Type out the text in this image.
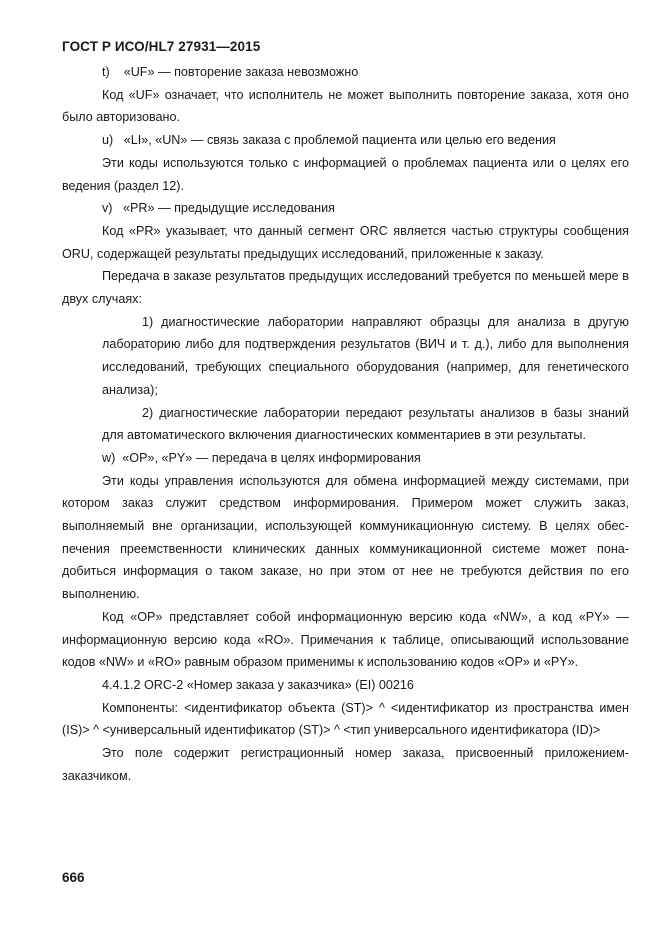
ГОСТ Р ИСО/HL7 27931—2015

t)    «UF» — повторение заказа невозможно

Код «UF» означает, что исполнитель не может выполнить повторение заказа, хотя оно было авторизовано.

u)   «LI», «UN» — связь заказа с проблемой пациента или целью его ведения

Эти коды используются только с информацией о проблемах пациента или о целях его ведения (раздел 12).

v)   «PR» — предыдущие исследования

Код «PR» указывает, что данный сегмент ORC является частью структуры сообщения ORU, содержащей результаты предыдущих исследований, приложенные к заказу.

Передача в заказе результатов предыдущих исследований требуется по меньшей мере в двух случаях:

1) диагностические лаборатории направляют образцы для анализа в другую лабораторию либо для подтверждения результатов (ВИЧ и т. д.), либо для выполнения исследований, требующих специального оборудования (например, для генетического анализа);

2) диагностические лаборатории передают результаты анализов в базы знаний для автоматического включения диагностических комментариев в эти результаты.

w)  «OP», «PY» — передача в целях информирования

Эти коды управления используются для обмена информацией между системами, при котором заказ служит средством информирования. Примером может служить заказ, выполняемый вне организации, использующей коммуникационную систему. В целях обеспечения преемственности клинических данных коммуникационной системе может понадобиться информация о таком заказе, но при этом от нее не требуются действия по его выполнению.

Код «OP» представляет собой информационную версию кода «NW», а код «PY» — информационную версию кода «RO». Примечания к таблице, описывающий использование кодов «NW» и «RO» равным образом применимы к использованию кодов «OP» и «PY».

4.4.1.2 ORC-2 «Номер заказа у заказчика» (EI) 00216

Компоненты: <идентификатор объекта (ST)> ^ <идентификатор из пространства имен (IS)> ^ <универсальный идентификатор (ST)> ^ <тип универсального идентификатора (ID)>

Это поле содержит регистрационный номер заказа, присвоенный приложением-заказчиком.

666
